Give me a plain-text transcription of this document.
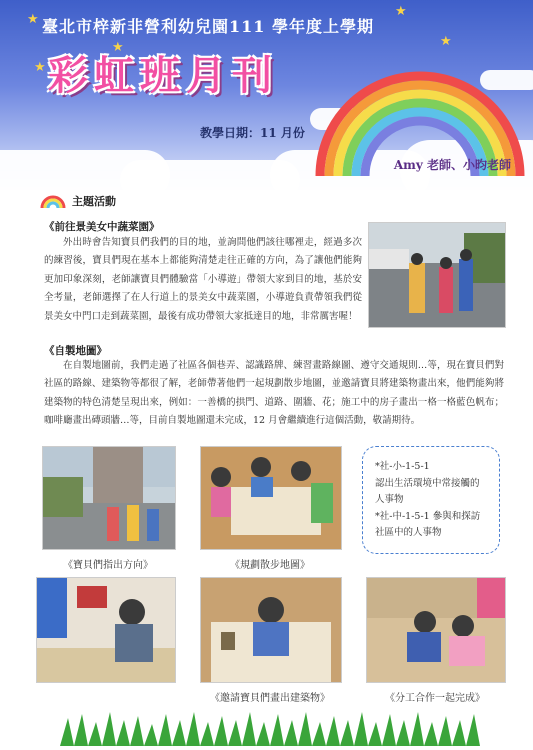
★
★
★
★
★
臺北市梓新非營利幼兒園111 學年度上學期
彩虹班月刊
教學日期：11 月份
Amy 老師、小昀老師
主題活動
《前往景美女中蔬菜園》
外出時會告知寶貝們我們的目的地，並詢問他們該往哪裡走，經過多次的練習後，寶貝們現在基本上都能夠清楚走往正確的方向，為了讓他們能夠更加印象深刻，老師讓寶貝們體驗當「小導遊」帶領大家到目的地，基於安全考量，老師選擇了在人行道上的景美女中蔬菜園，小導遊負責帶領我們從景美女中門口走到蔬菜園，最後有成功帶領大家抵達目的地，非常厲害喔！
《自製地圖》
在自製地圖前，我們走過了社區各個巷弄、認識路牌、練習畫路線圖、遵守交通規則…等，現在寶貝們對社區的路線、建築物等都很了解，老師帶著他們一起規劃散步地圖，並邀請寶貝將建築物畫出來，他們能夠將建築物的特色清楚呈現出來，例如：一善橋的拱門、道路、圍牆、花；施工中的房子畫出一格一格藍色帆布；咖啡廳畫出磚頭牆…等，目前自製地圖還未完成，12 月會繼續進行這個活動，敬請期待。
《寶貝們指出方向》	《規劃散步地圖》
*社-小-1-5-1
認出生活環境中常接觸的人事物
*社-中-1-5-1 參與和探訪社區中的人事物
《邀請寶貝們畫出建築物》	《分工合作一起完成》
